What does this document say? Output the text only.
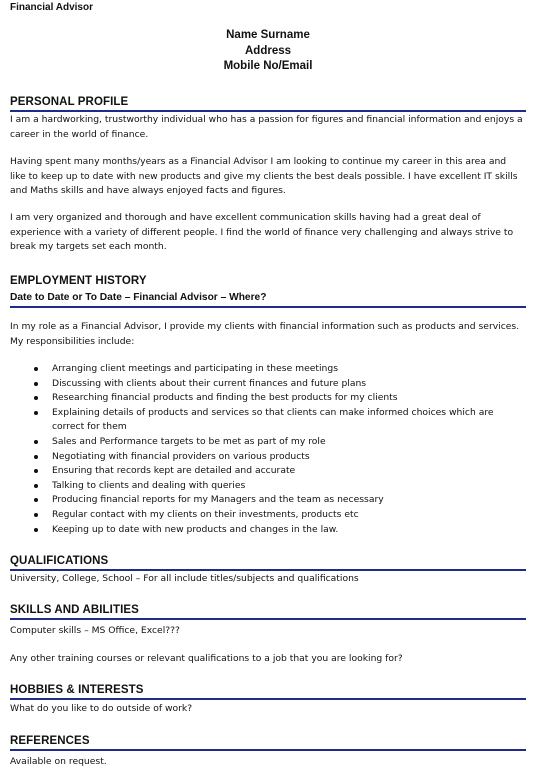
Financial Advisor
Name Surname
Address
Mobile No/Email
PERSONAL PROFILE
I am a hardworking, trustworthy individual who has a passion for figures and financial information and enjoys a career in the world of finance.
Having spent many months/years as a Financial Advisor I am looking to continue my career in this area and like to keep up to date with new products and give my clients the best deals possible. I have excellent IT skills and Maths skills and have always enjoyed facts and figures.
I am very organized and thorough and have excellent communication skills having had a great deal of experience with a variety of different people. I find the world of finance very challenging and always strive to break my targets set each month.
EMPLOYMENT HISTORY
Date to Date or To Date – Financial Advisor – Where?
In my role as a Financial Advisor, I provide my clients with financial information such as products and services. My responsibilities include:
Arranging client meetings and participating in these meetings
Discussing with clients about their current finances and future plans
Researching financial products and finding the best products for my clients
Explaining details of products and services so that clients can make informed choices which are correct for them
Sales and Performance targets to be met as part of my role
Negotiating with financial providers on various products
Ensuring that records kept are detailed and accurate
Talking to clients and dealing with queries
Producing financial reports for my Managers and the team as necessary
Regular contact with my clients on their investments, products etc
Keeping up to date with new products and changes in the law.
QUALIFICATIONS
University, College, School – For all include titles/subjects and qualifications
SKILLS AND ABILITIES
Computer skills – MS Office, Excel???
Any other training courses or relevant qualifications to a job that you are looking for?
HOBBIES & INTERESTS
What do you like to do outside of work?
REFERENCES
Available on request.
